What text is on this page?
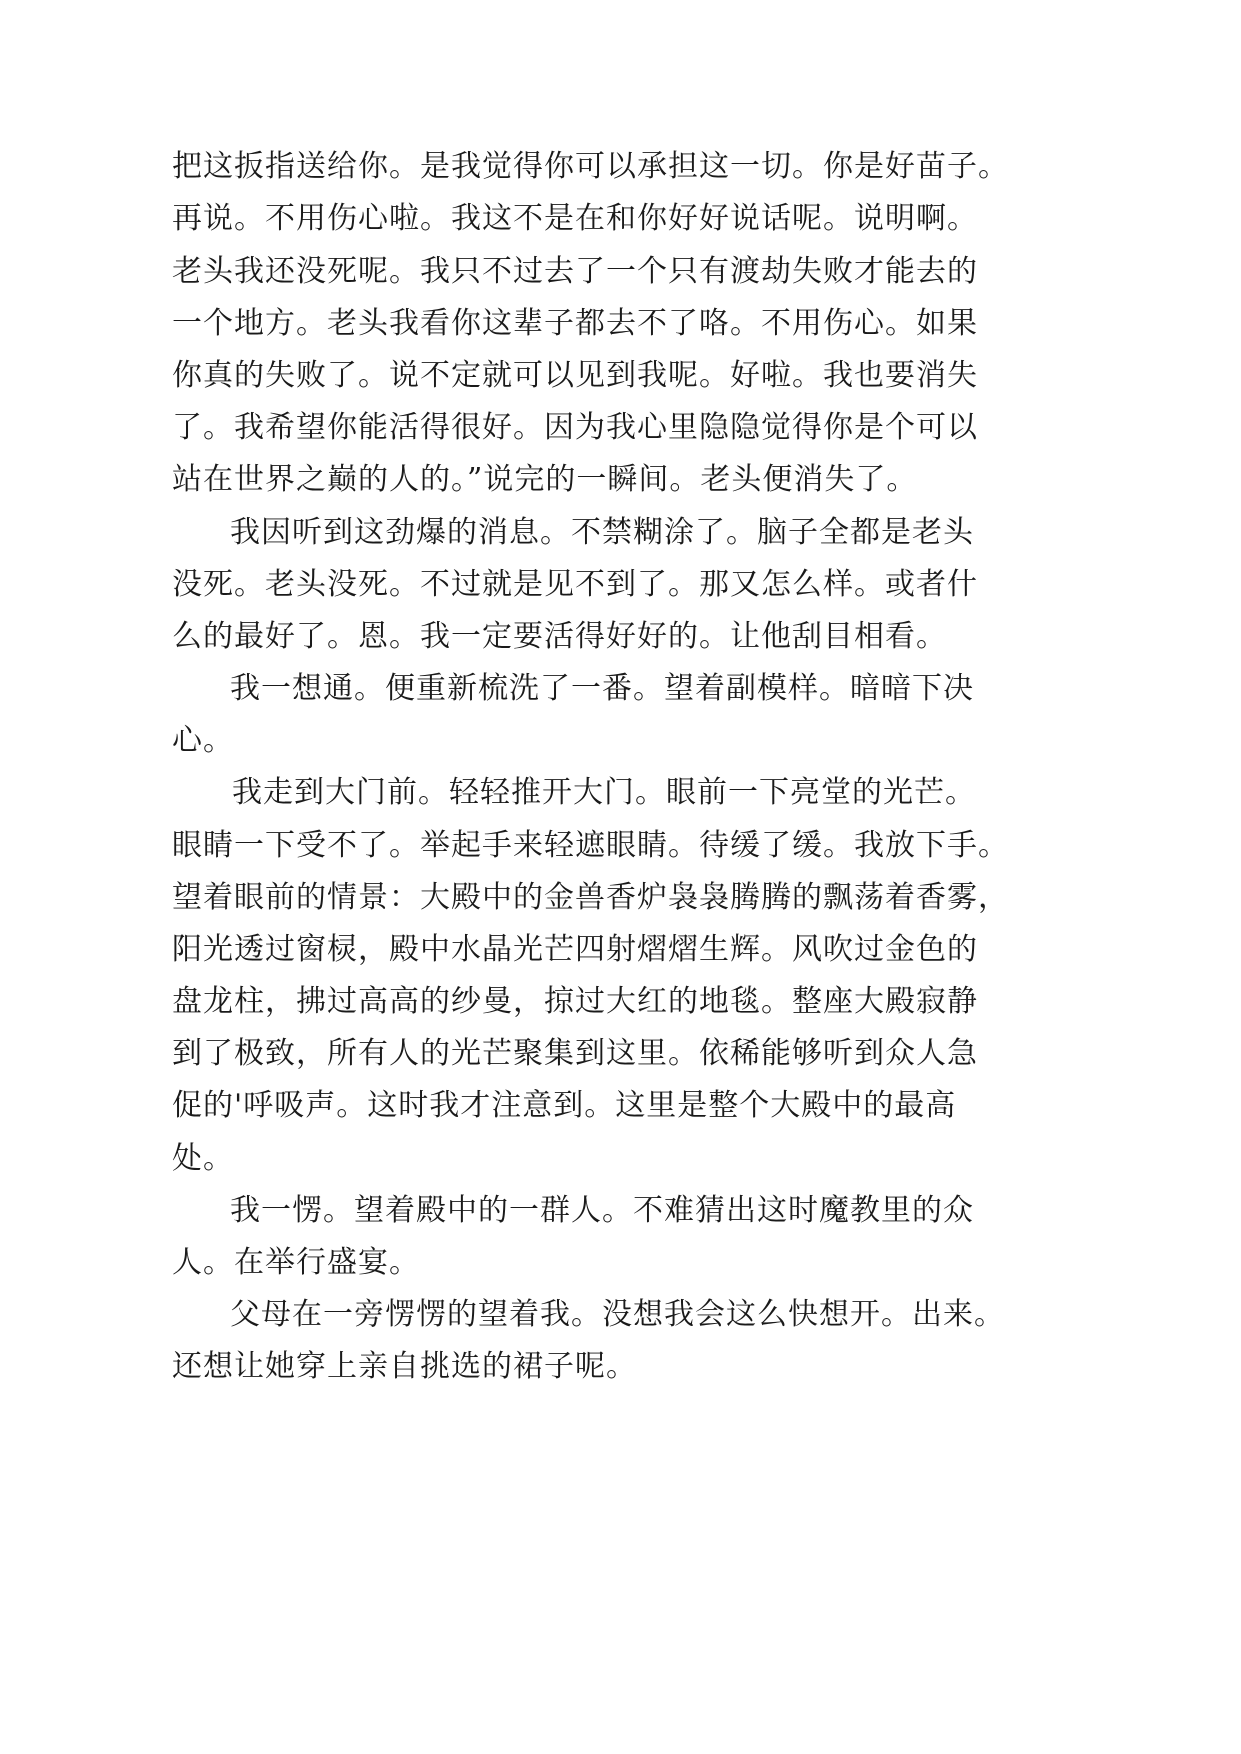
把这扳指送给你。是我觉得你可以承担这一切。你是好苗子。
再说。不用伤心啦。我这不是在和你好好说话呢。说明啊。
老头我还没死呢。我只不过去了一个只有渡劫失败才能去的
一个地方。老头我看你这辈子都去不了咯。不用伤心。如果
你真的失败了。说不定就可以见到我呢。好啦。我也要消失
了。我希望你能活得很好。因为我心里隐隐觉得你是个可以
站在世界之巅的人的。”说完的一瞬间。老头便消失了。
我因听到这劲爆的消息。不禁糊涂了。脑子全都是老头
没死。老头没死。不过就是见不到了。那又怎么样。或者什
么的最好了。恩。我一定要活得好好的。让他刮目相看。
我一想通。便重新梳洗了一番。望着副模样。暗暗下决
心。
我走到大门前。轻轻推开大门。眼前一下亮堂的光芒。
眼睛一下受不了。举起手来轻遮眼睛。待缓了缓。我放下手。
望着眼前的情景：大殿中的金兽香炉袅袅腾腾的飘荡着香雾，
阳光透过窗棂，殿中水晶光芒四射熠熠生辉。风吹过金色的
盘龙柱，拂过高高的纱曼，掠过大红的地毯。整座大殿寂静
到了极致，所有人的光芒聚集到这里。依稀能够听到众人急
促的'呼吸声。这时我才注意到。这里是整个大殿中的最高
处。
我一愣。望着殿中的一群人。不难猜出这时魔教里的众
人。在举行盛宴。
父母在一旁愣愣的望着我。没想我会这么快想开。出来。
还想让她穿上亲自挑选的裙子呢。
